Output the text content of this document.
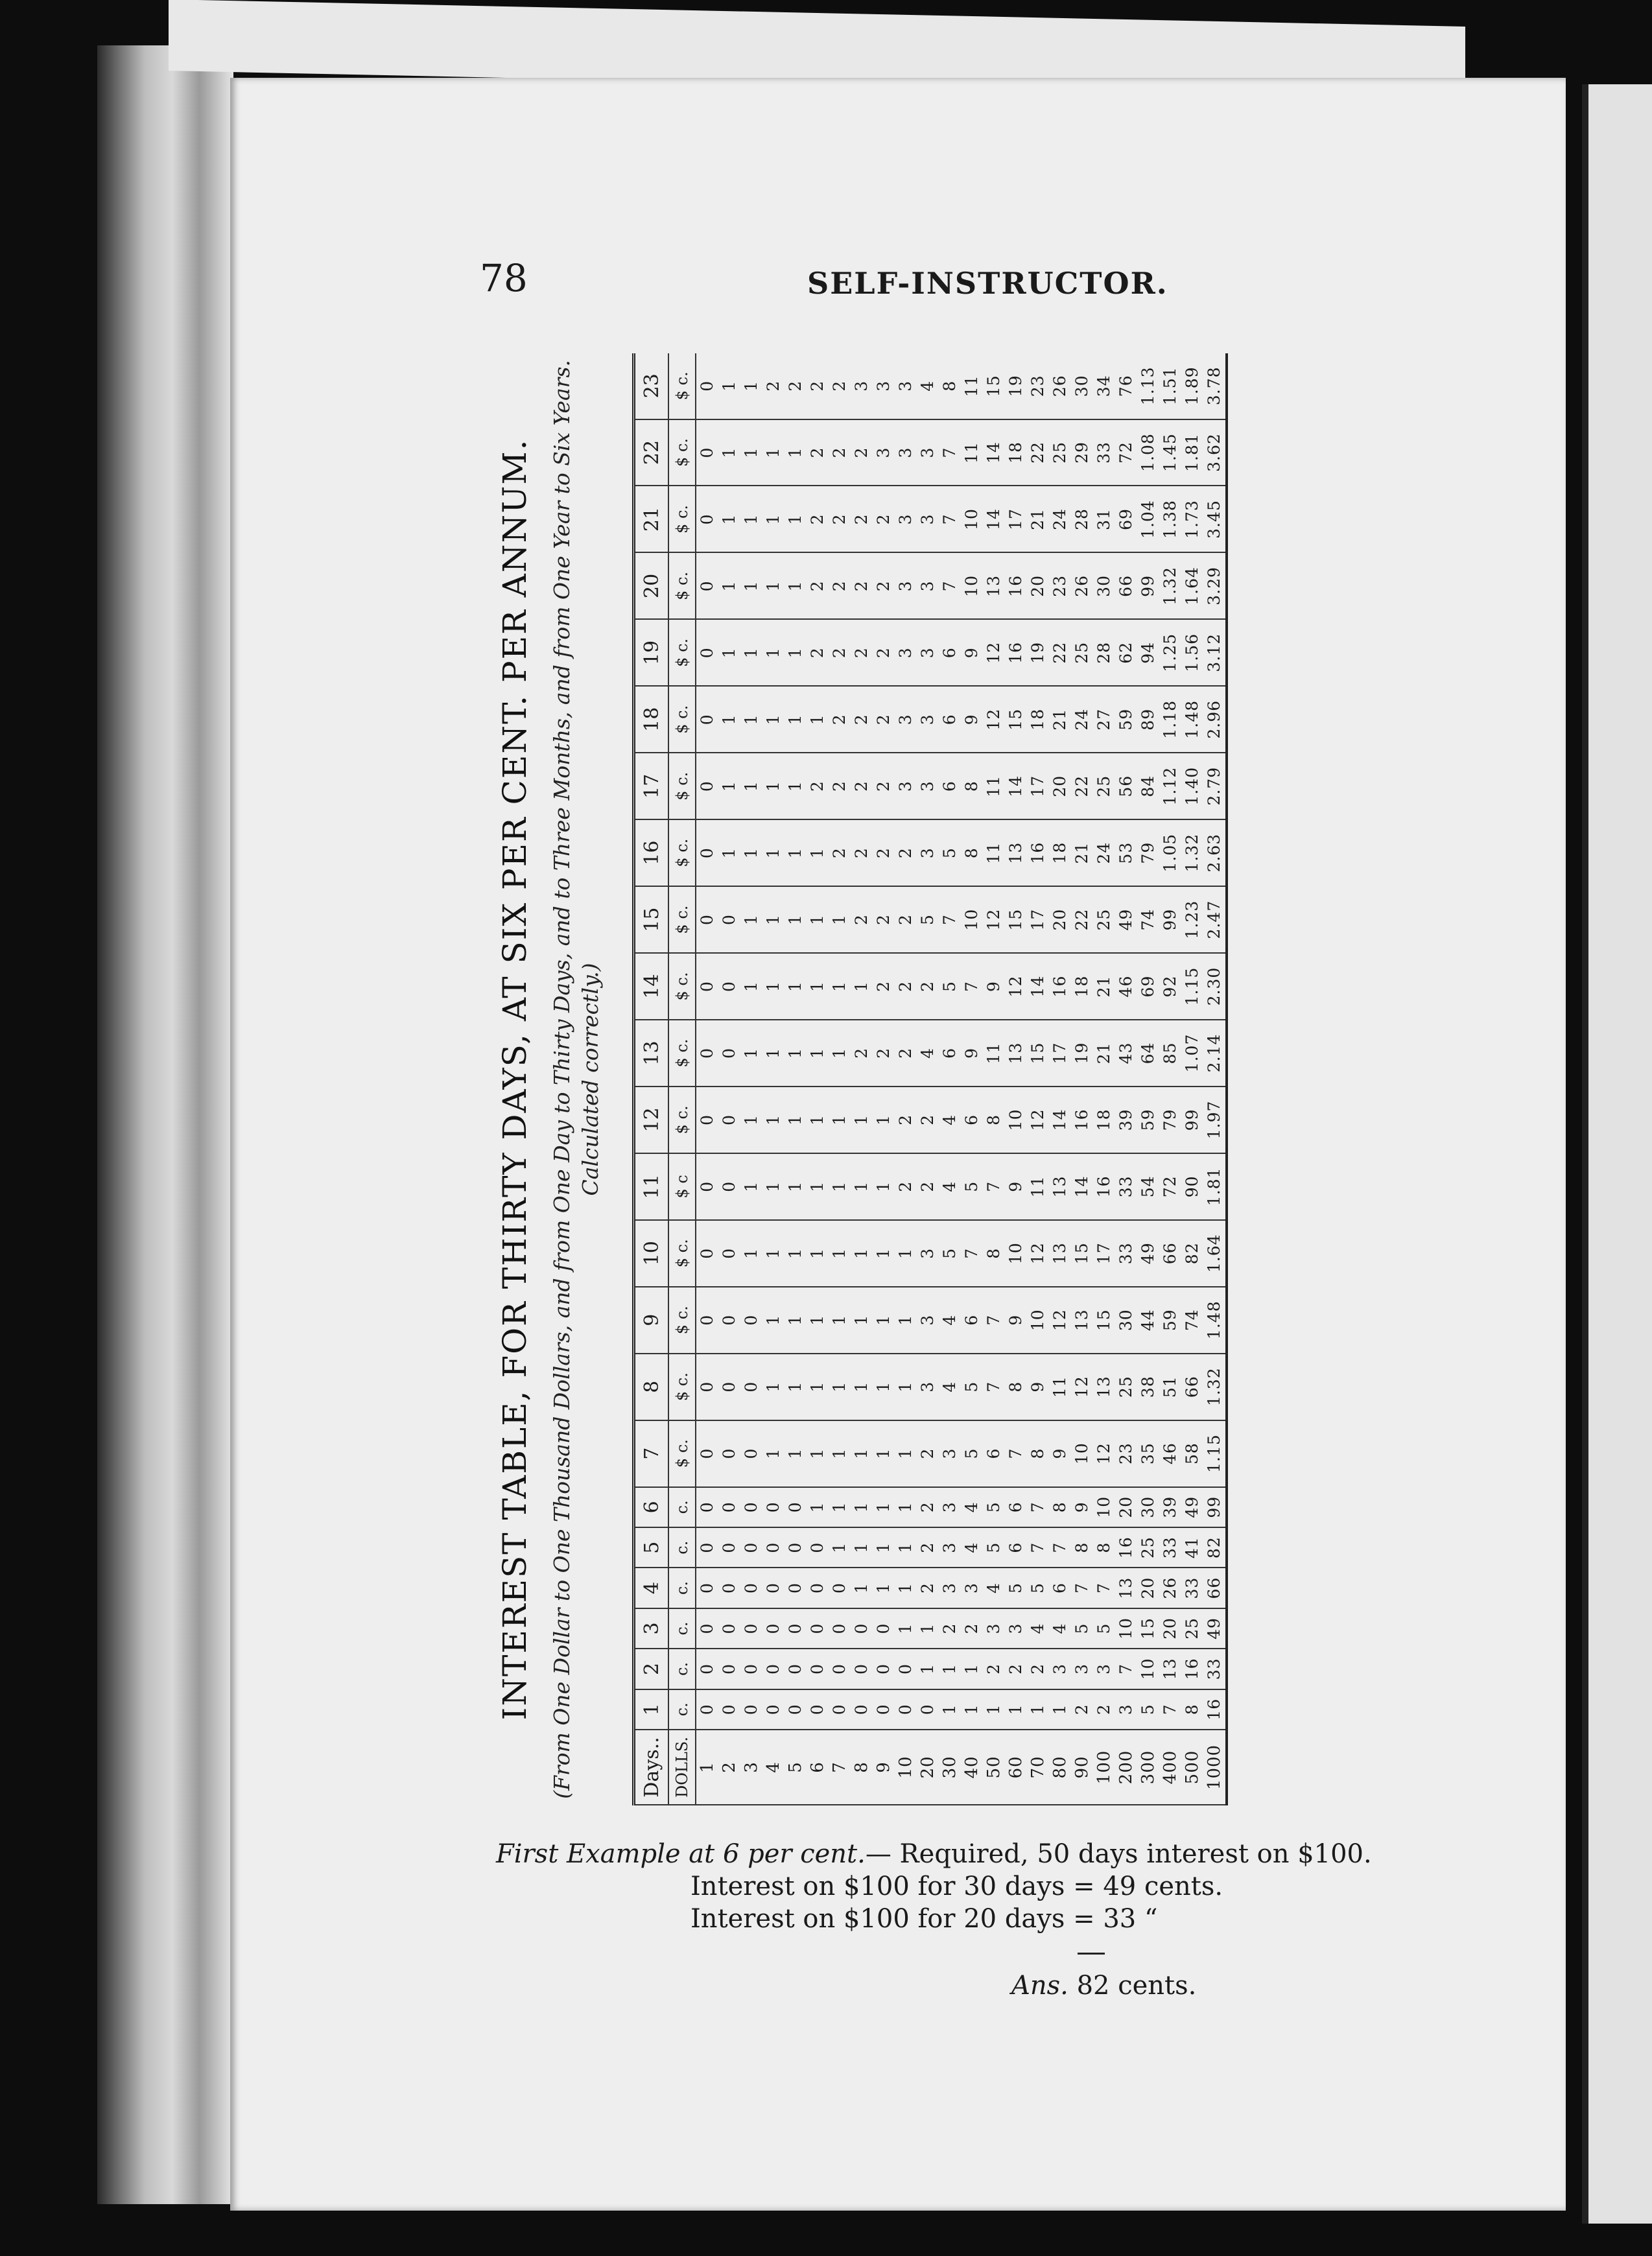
78	SELF-INSTRUCTOR.
INTEREST TABLE, FOR THIRTY DAYS, AT SIX PER CENT. PER ANNUM. (From One Dollar to One Thousand Dollars, and from One Day to Thirty Days, and to Three Months, and from One Year to Six Years. Calculated correctly.)
Days..	1	2	3	4	5	6	7	8	9	10	11	12	13	14	15	16	17	18	19	20	21	22	23
DOLLS.	c.	c.	c.	c.	c.	c.	$ c.	$ c.	$ c.	$ c.	$ c	$ c.	$ c.	$ c.	$ c.	$ c.	$ c.	$ c.	$ c.	$ c.	$ c.	$ c.	$ c.
1	0	0	0	0	0	0	0	0	0	0	0	0	0	0	0	0	0	0	0	0	0	0	0
2	0	0	0	0	0	0	0	0	0	0	0	0	0	0	0	1	1	1	1	1	1	1	1
3	0	0	0	0	0	0	0	0	0	1	1	1	1	1	1	1	1	1	1	1	1	1	1
4	0	0	0	0	0	0	1	1	1	1	1	1	1	1	1	1	1	1	1	1	1	1	2
5	0	0	0	0	0	0	1	1	1	1	1	1	1	1	1	1	1	1	1	1	1	1	2
6	0	0	0	0	0	1	1	1	1	1	1	1	1	1	1	1	2	1	2	2	2	2	2
7	0	0	0	0	1	1	1	1	1	1	1	1	1	1	1	2	2	2	2	2	2	2	2
8	0	0	0	1	1	1	1	1	1	1	1	1	2	1	2	2	2	2	2	2	2	2	3
9	0	0	0	1	1	1	1	1	1	1	1	1	2	2	2	2	2	2	2	2	2	3	3
10	0	0	1	1	1	1	1	1	1	1	2	2	2	2	2	2	3	3	3	3	3	3	3
20	0	1	1	2	2	2	2	3	3	3	2	2	4	2	5	3	3	3	3	3	3	3	4
30	1	1	2	3	3	3	3	4	4	5	4	4	6	5	7	5	6	6	6	7	7	7	8
40	1	1	2	3	4	4	5	5	6	7	5	6	9	7	10	8	8	9	9	10	10	11	11
50	1	2	3	4	5	5	6	7	7	8	7	8	11	9	12	11	11	12	12	13	14	14	15
60	1	2	3	5	6	6	7	8	9	10	9	10	13	12	15	13	14	15	16	16	17	18	19
70	1	2	4	5	7	7	8	9	10	12	11	12	15	14	17	16	17	18	19	20	21	22	23
80	1	3	4	6	7	8	9	11	12	13	13	14	17	16	20	18	20	21	22	23	24	25	26
90	2	3	5	7	8	9	10	12	13	15	14	16	19	18	22	21	22	24	25	26	28	29	30
100	2	3	5	7	8	10	12	13	15	17	16	18	21	21	25	24	25	27	28	30	31	33	34
200	3	7	10	13	16	20	23	25	30	33	33	39	43	46	49	53	56	59	62	66	69	72	76
300	5	10	15	20	25	30	35	38	44	49	54	59	64	69	74	79	84	89	94	99	1.04	1.08	1.13
400	7	13	20	26	33	39	46	51	59	66	72	79	85	92	99	1.05	1.12	1.18	1.25	1.32	1.38	1.45	1.51
500	8	16	25	33	41	49	58	66	74	82	90	99	1.07	1.15	1.23	1.32	1.40	1.48	1.56	1.64	1.73	1.81	1.89
1000	16	33	49	66	82	99	1.15	1.32	1.48	1.64	1.81	1.97	2.14	2.30	2.47	2.63	2.79	2.96	3.12	3.29	3.45	3.62	3.78
First Example at 6 per cent.— Required, 50 days interest on $100.
Interest on $100 for 30 days = 49 cents.
Interest on $100 for 20 days = 33 “
Ans. 82 cents.
